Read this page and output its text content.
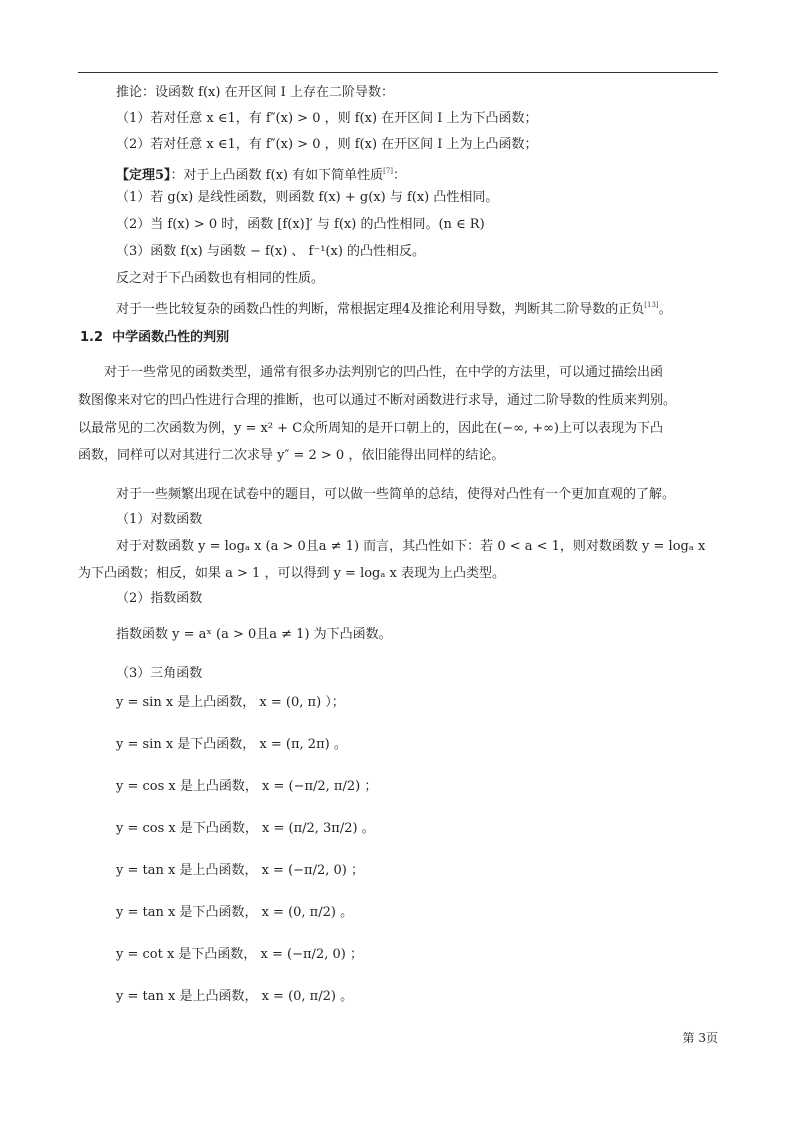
推论：设函数 f(x) 在开区间 I 上存在二阶导数：
（1）若对任意 x ∈1，有 f″(x) > 0 ，则 f(x) 在开区间 I 上为下凸函数；
（2）若对任意 x ∈1，有 f″(x) > 0 ，则 f(x) 在开区间 I 上为上凸函数；
【定理5】：对于上凸函数 f(x) 有如下简单性质[7]：
（1）若 g(x) 是线性函数，则函数 f(x) + g(x) 与 f(x) 凸性相同。
（2）当 f(x) > 0 时，函数 [f(x)]′ 与 f(x) 的凸性相同。(n ∈ R)
（3）函数 f(x) 与函数 − f(x) 、 f⁻¹(x) 的凸性相反。
反之对于下凸函数也有相同的性质。
对于一些比较复杂的函数凸性的判断，常根据定理4及推论利用导数，判断其二阶导数的正负[13]。
1.2 中学函数凸性的判别
对于一些常见的函数类型，通常有很多办法判别它的凹凸性，在中学的方法里，可以通过描绘出函
数图像来对它的凹凸性进行合理的推断，也可以通过不断对函数进行求导，通过二阶导数的性质来判别。
以最常见的二次函数为例，y = x² + C众所周知的是开口朝上的，因此在(−∞, +∞)上可以表现为下凸
函数，同样可以对其进行二次求导 y″ = 2 > 0 ，依旧能得出同样的结论。
对于一些频繁出现在试卷中的题目，可以做一些简单的总结，使得对凸性有一个更加直观的了解。
（1）对数函数
对于对数函数 y = logₐ x (a > 0且a ≠ 1) 而言，其凸性如下：若 0 < a < 1，则对数函数 y = logₐ x
为下凸函数；相反，如果 a > 1 ，可以得到 y = logₐ x 表现为上凸类型。
（2）指数函数
指数函数 y = aˣ (a > 0且a ≠ 1) 为下凸函数。
（3）三角函数
y = sin x 是上凸函数， x = (0, π) ）；
y = sin x 是下凸函数， x = (π, 2π) 。
y = cos x 是上凸函数， x = (−π/2, π/2) ；
y = cos x 是下凸函数， x = (π/2, 3π/2) 。
y = tan x 是上凸函数， x = (−π/2, 0) ；
y = tan x 是下凸函数， x = (0, π/2) 。
y = cot x 是下凸函数， x = (−π/2, 0) ；
y = tan x 是上凸函数， x = (0, π/2) 。
第 3页
